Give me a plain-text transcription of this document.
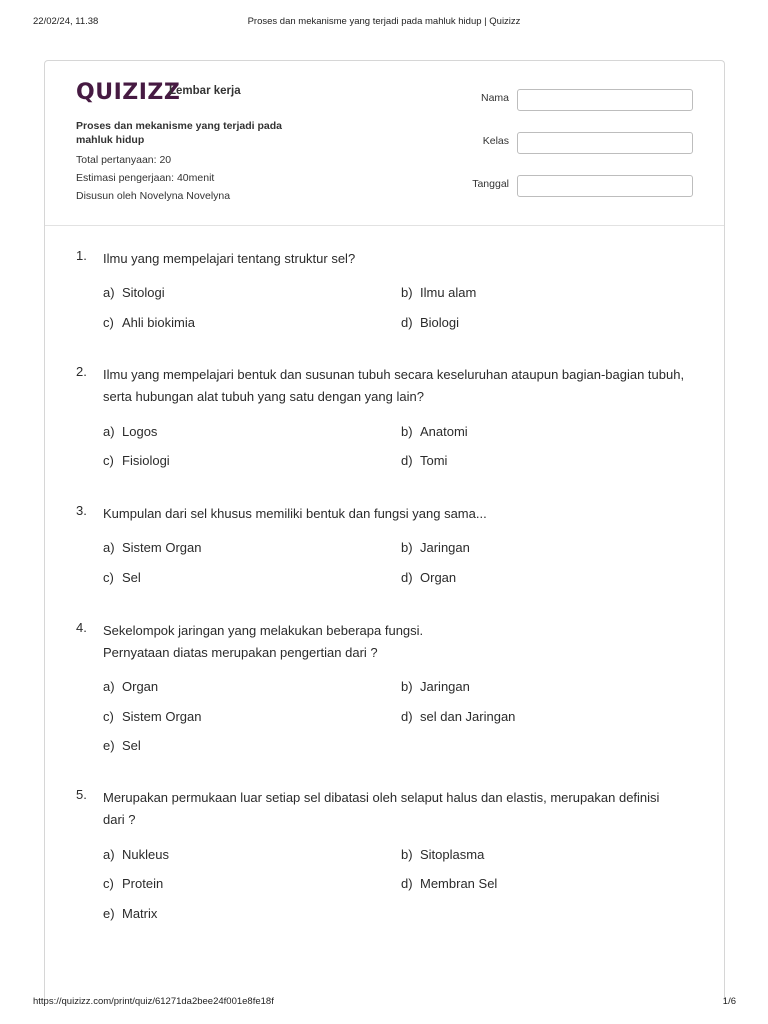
22/02/24, 11.38	Proses dan mekanisme yang terjadi pada mahluk hidup | Quizizz
QUIZIZZ
Lembar kerja
Proses dan mekanisme yang terjadi pada mahluk hidup
Total pertanyaan: 20
Estimasi pengerjaan: 40menit
Disusun oleh Novelyna Novelyna
Nama
Kelas
Tanggal
1. Ilmu yang mempelajari tentang struktur sel?
a) Sitologi	b) Ilmu alam
c) Ahli biokimia	d) Biologi
2. Ilmu yang mempelajari bentuk dan susunan tubuh secara keseluruhan ataupun bagian-bagian tubuh, serta hubungan alat tubuh yang satu dengan yang lain?
a) Logos	b) Anatomi
c) Fisiologi	d) Tomi
3. Kumpulan dari sel khusus memiliki bentuk dan fungsi yang sama...
a) Sistem Organ	b) Jaringan
c) Sel	d) Organ
4. Sekelompok jaringan yang melakukan beberapa fungsi.
Pernyataan diatas merupakan pengertian dari ?
a) Organ	b) Jaringan
c) Sistem Organ	d) sel dan Jaringan
e) Sel
5. Merupakan permukaan luar setiap sel dibatasi oleh selaput halus dan elastis, merupakan definisi dari ?
a) Nukleus	b) Sitoplasma
c) Protein	d) Membran Sel
e) Matrix
https://quizizz.com/print/quiz/61271da2bee24f001e8fe18f	1/6
